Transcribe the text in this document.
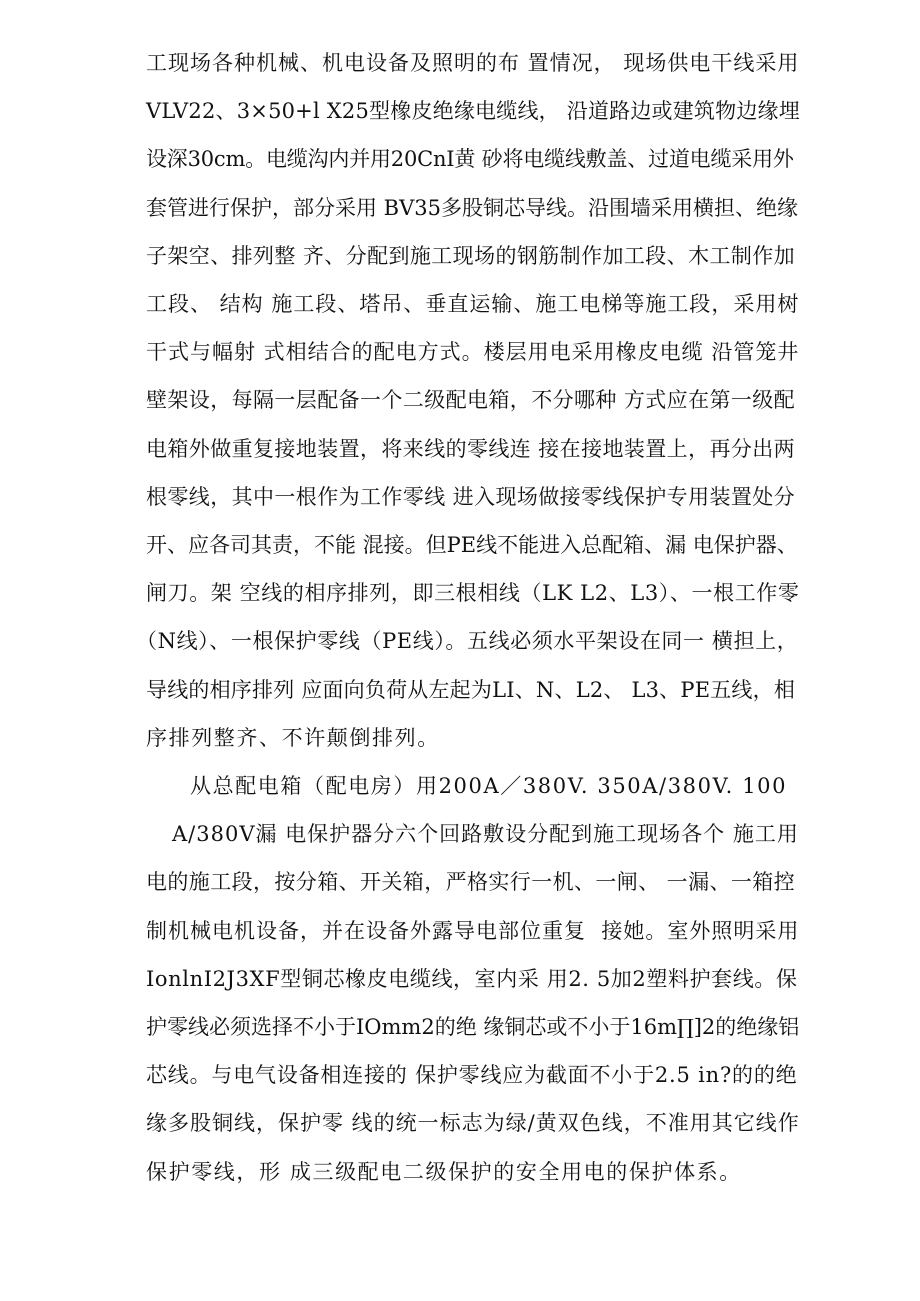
工现场各种机械、机电设备及照明的布 置情况， 现场供电干线采用
VLV22、3×50+l X25型橡皮绝缘电缆线， 沿道路边或建筑物边缘埋
设深30cm。电缆沟内并用20CnI黄 砂将电缆线敷盖、过道电缆采用外
套管进行保护，部分采用 BV35多股铜芯导线。沿围墙采用横担、绝缘
子架空、排列整 齐、分配到施工现场的钢筋制作加工段、木工制作加
工段、 结构 施工段、塔吊、垂直运输、施工电梯等施工段，采用树
干式与幅射 式相结合的配电方式。楼层用电采用橡皮电缆 沿管笼井
壁架设，每隔一层配备一个二级配电箱，不分哪种 方式应在第一级配
电箱外做重复接地装置，将来线的零线连 接在接地装置上，再分出两
根零线，其中一根作为工作零线 进入现场做接零线保护专用装置处分
开、应各司其责，不能 混接。但PE线不能进入总配箱、漏 电保护器、
闸刀。架 空线的相序排列，即三根相线（LK L2、L3）、一根工作零
（N线）、一根保护零线（PE线）。五线必须水平架设在同一 横担上，
导线的相序排列 应面向负荷从左起为LI、N、L2、 L3、PE五线，相
序排列整齐、不许颠倒排列。
从总配电箱（配电房）用200A／380V. 350A/380V. 100
A/380V漏 电保护器分六个回路敷设分配到施工现场各个 施工用
电的施工段，按分箱、开关箱，严格实行一机、一闸、 一漏、一箱控
制机械电机设备，并在设备外露导电部位重复  接她。室外照明采用
IonlnI2J3XF型铜芯橡皮电缆线，室内采 用2. 5加2塑料护套线。保
护零线必须选择不小于IOmm2的绝 缘铜芯或不小于16m∏]2的绝缘铝
芯线。与电气设备相连接的 保护零线应为截面不小于2.5 in?的的绝
缘多股铜线，保护零 线的统一标志为绿/黄双色线，不准用其它线作
保护零线，形 成三级配电二级保护的安全用电的保护体系。
